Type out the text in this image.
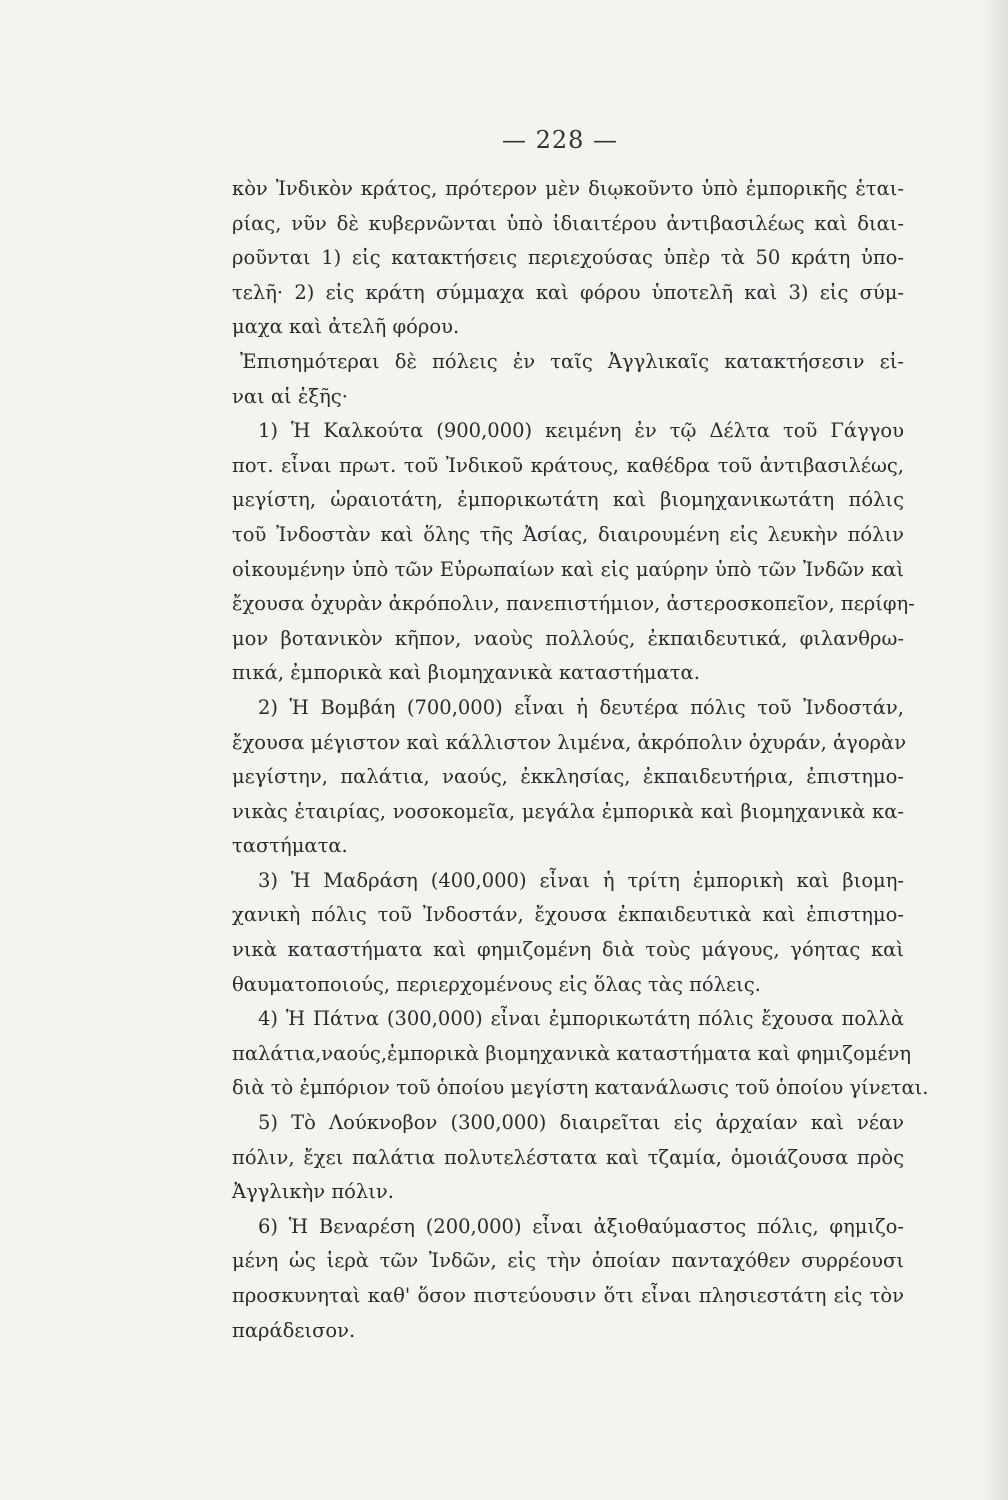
— 228 —
κὸν Ἰνδικὸν κράτος, πρότερον μὲν διῳκοῦντο ὑπὸ ἐμπορικῆς ἑται-
ρίας, νῦν δὲ κυβερνῶνται ὑπὸ ἰδιαιτέρου ἀντιβασιλέως καὶ διαι-
ροῦνται 1) εἰς κατακτήσεις περιεχούσας ὑπὲρ τὰ 50 κράτη ὑπο-
τελῆ· 2) εἰς κράτη σύμμαχα καὶ φόρου ὑποτελῆ καὶ 3) εἰς σύμ-
μαχα καὶ ἀτελῆ φόρου.
Ἐπισημότεραι δὲ πόλεις ἐν ταῖς Ἀγγλικαῖς κατακτήσεσιν εἰ-
ναι αἱ ἑξῆς·
1) Ἡ Καλκούτα (900,000) κειμένη ἐν τῷ Δέλτα τοῦ Γάγγου
ποτ. εἶναι πρωτ. τοῦ Ἰνδικοῦ κράτους, καθέδρα τοῦ ἀντιβασιλέως,
μεγίστη, ὡραιοτάτη, ἐμπορικωτάτη καὶ βιομηχανικωτάτη πόλις
τοῦ Ἰνδοστὰν καὶ ὅλης τῆς Ἀσίας, διαιρουμένη εἰς λευκὴν πόλιν
οἰκουμένην ὑπὸ τῶν Εὐρωπαίων καὶ εἰς μαύρην ὑπὸ τῶν Ἰνδῶν καὶ
ἔχουσα ὀχυρὰν ἀκρόπολιν, πανεπιστήμιον, ἀστεροσκοπεῖον, περίφη-
μον βοτανικὸν κῆπον, ναοὺς πολλούς, ἐκπαιδευτικά, φιλανθρω-
πικά, ἐμπορικὰ καὶ βιομηχανικὰ καταστήματα.
2) Ἡ Βομβάη (700,000) εἶναι ἡ δευτέρα πόλις τοῦ Ἰνδοστάν,
ἔχουσα μέγιστον καὶ κάλλιστον λιμένα, ἀκρόπολιν ὀχυράν, ἀγορὰν
μεγίστην, παλάτια, ναούς, ἐκκλησίας, ἐκπαιδευτήρια, ἐπιστημο-
νικὰς ἑταιρίας, νοσοκομεῖα, μεγάλα ἐμπορικὰ καὶ βιομηχανικὰ κα-
ταστήματα.
3) Ἡ Μαδράση (400,000) εἶναι ἡ τρίτη ἐμπορικὴ καὶ βιομη-
χανικὴ πόλις τοῦ Ἰνδοστάν, ἔχουσα ἐκπαιδευτικὰ καὶ ἐπιστημο-
νικὰ καταστήματα καὶ φημιζομένη διὰ τοὺς μάγους, γόητας καὶ
θαυματοποιούς, περιερχομένους εἰς ὅλας τὰς πόλεις.
4) Ἡ Πάτνα (300,000) εἶναι ἐμπορικωτάτη πόλις ἔχουσα πολλὰ
παλάτια,ναούς,ἐμπορικὰ βιομηχανικὰ καταστήματα καὶ φημιζομένη
διὰ τὸ ἐμπόριον τοῦ ὁποίου μεγίστη κατανάλωσις τοῦ ὁποίου γίνεται.
5) Τὸ Λούκνοβον (300,000) διαιρεῖται εἰς ἀρχαίαν καὶ νέαν
πόλιν, ἔχει παλάτια πολυτελέστατα καὶ τζαμία, ὁμοιάζουσα πρὸς
Ἀγγλικὴν πόλιν.
6) Ἡ Βεναρέση (200,000) εἶναι ἀξιοθαύμαστος πόλις, φημιζο-
μένη ὡς ἱερὰ τῶν Ἰνδῶν, εἰς τὴν ὁποίαν πανταχόθεν συρρέουσι
προσκυνηταὶ καθ' ὅσον πιστεύουσιν ὅτι εἶναι πλησιεστάτη εἰς τὸν
παράδεισον.
